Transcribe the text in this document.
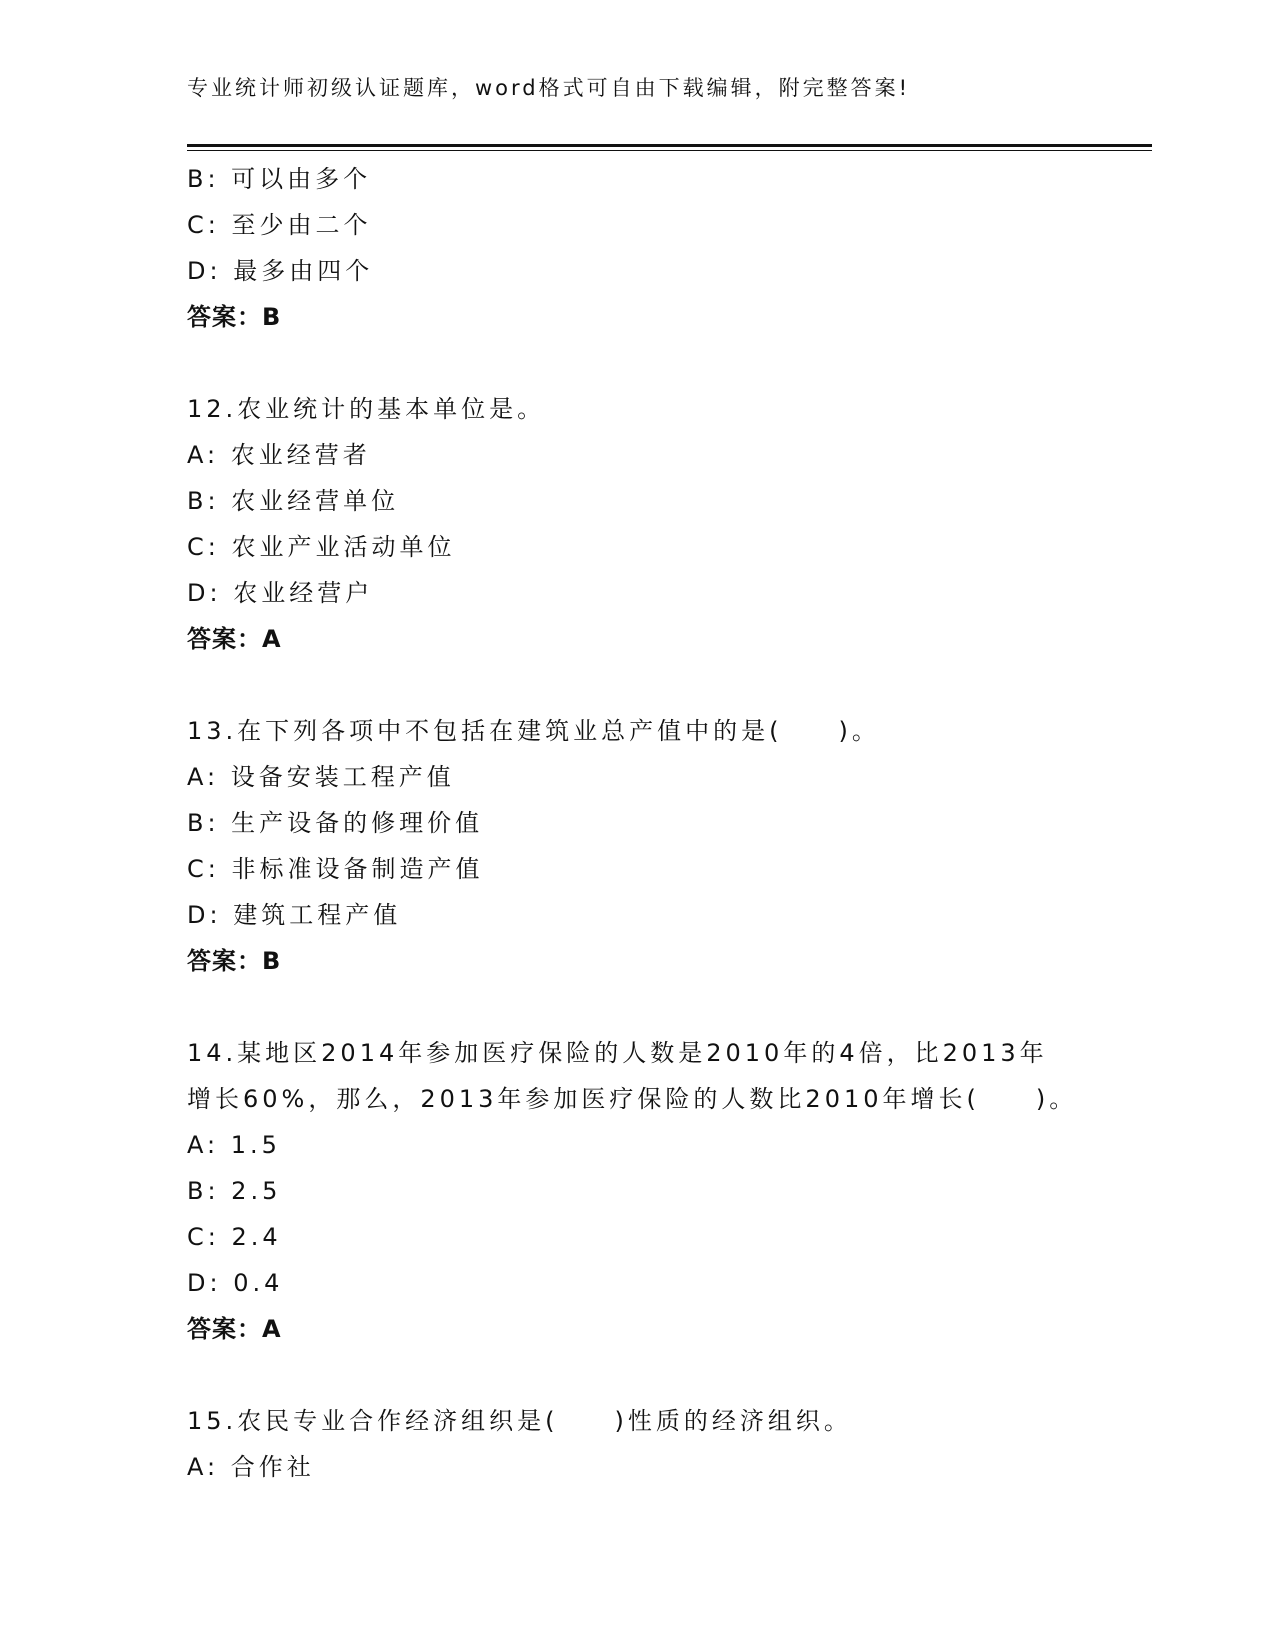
专业统计师初级认证题库，word格式可自由下载编辑，附完整答案!
B: 可以由多个
C: 至少由二个
D: 最多由四个
答案：B
12.农业统计的基本单位是。
A: 农业经营者
B: 农业经营单位
C: 农业产业活动单位
D: 农业经营户
答案：A
13.在下列各项中不包括在建筑业总产值中的是(　　)。
A: 设备安装工程产值
B: 生产设备的修理价值
C: 非标准设备制造产值
D: 建筑工程产值
答案：B
14.某地区2014年参加医疗保险的人数是2010年的4倍，比2013年
增长60%，那么，2013年参加医疗保险的人数比2010年增长(　　)。
A: 1.5
B: 2.5
C: 2.4
D: 0.4
答案：A
15.农民专业合作经济组织是(　　)性质的经济组织。
A: 合作社
